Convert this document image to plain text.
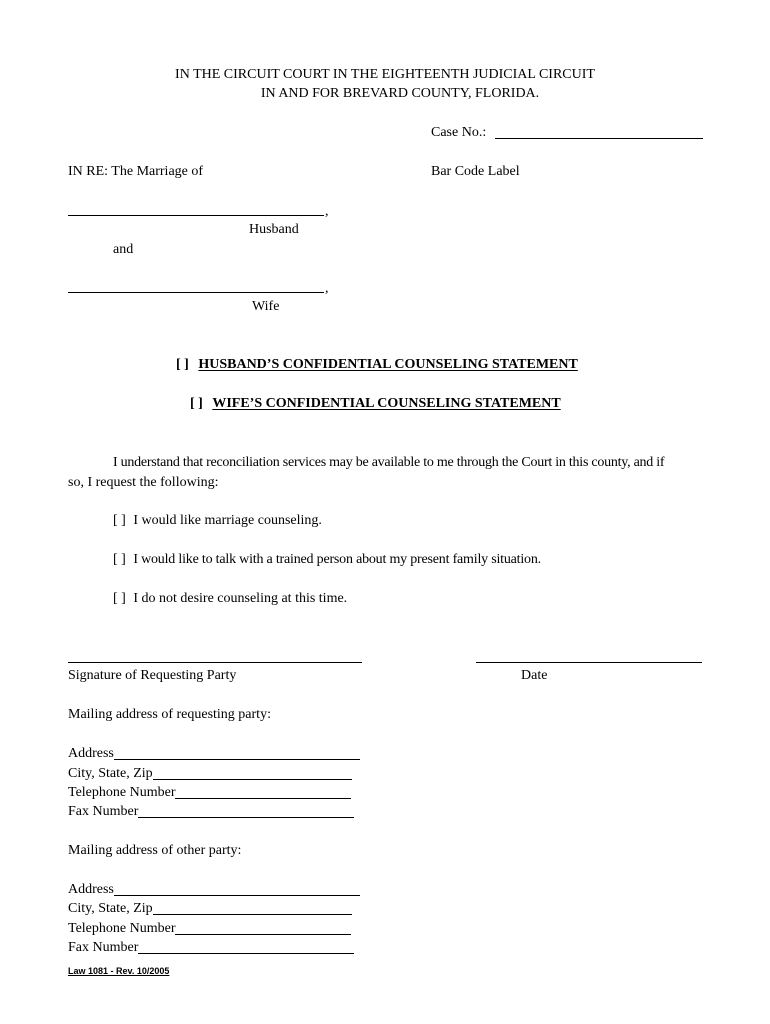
IN THE CIRCUIT COURT IN THE EIGHTEENTH JUDICIAL CIRCUIT
IN AND FOR BREVARD COUNTY, FLORIDA.
Case No.:
IN RE: The Marriage of	Bar Code Label
,
Husband
and
,
Wife
[ ] HUSBAND’S CONFIDENTIAL COUNSELING STATEMENT
[ ] WIFE’S CONFIDENTIAL COUNSELING STATEMENT
I understand that reconciliation services may be available to me through the Court in this county, and if
so, I request the following:
[ ] I would like marriage counseling.
[ ] I would like to talk with a trained person about my present family situation.
[ ] I do not desire counseling at this time.
Signature of Requesting Party	Date
Mailing address of requesting party:
Address
City, State, Zip
Telephone Number
Fax Number
Mailing address of other party:
Address
City, State, Zip
Telephone Number
Fax Number
Law 1081 - Rev. 10/2005
